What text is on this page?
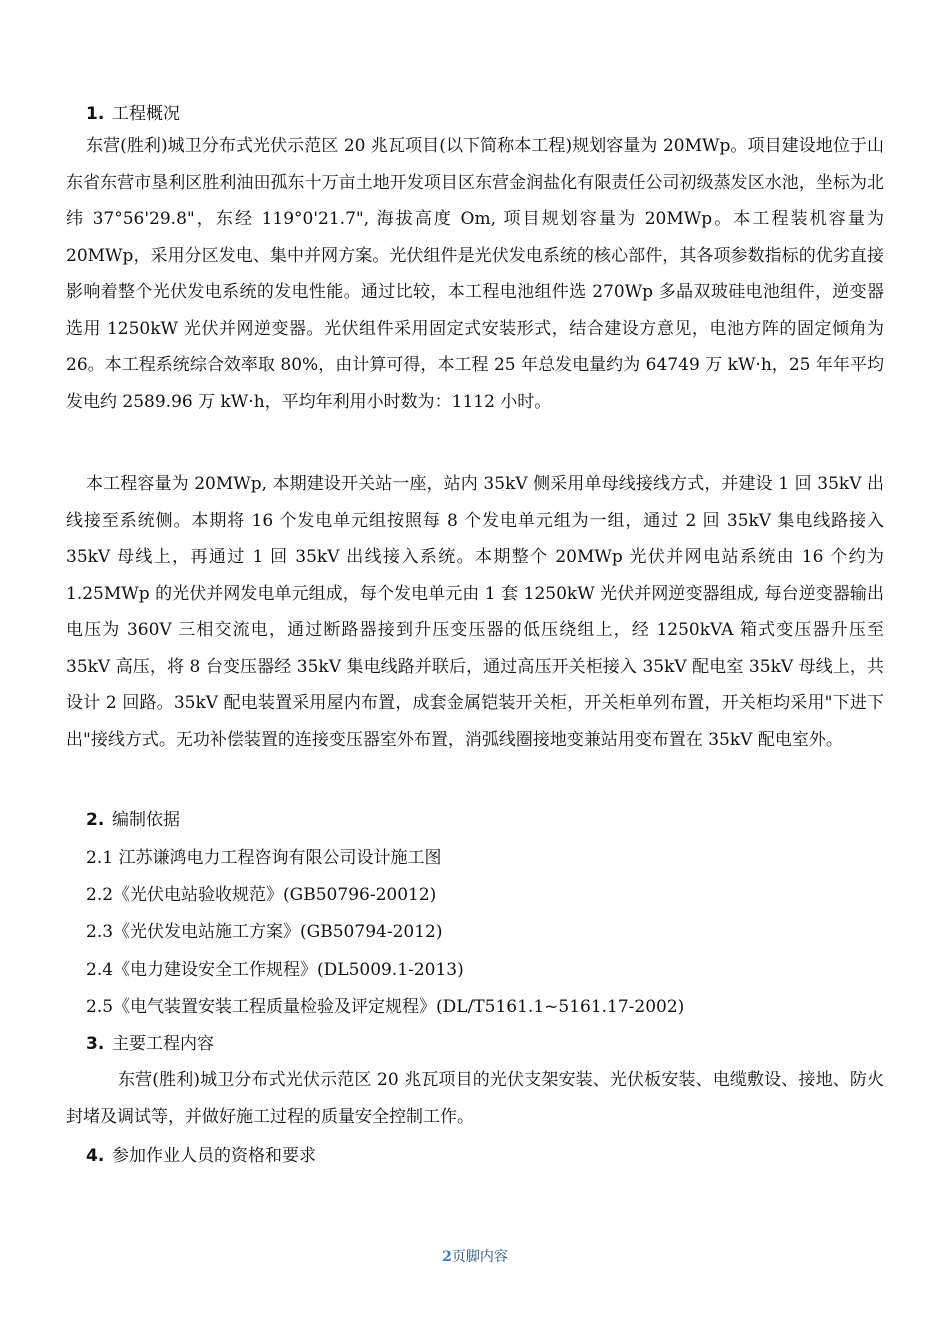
1. 工程概况
东营(胜利)城卫分布式光伏示范区 20 兆瓦项目(以下简称本工程)规划容量为 20MWp。项目建设地位于山东省东营市垦利区胜利油田孤东十万亩土地开发项目区东营金润盐化有限责任公司初级蒸发区水池，坐标为北纬 37°56'29.8"，东经 119°0'21.7", 海拔高度 Om, 项目规划容量为 20MWp。本工程装机容量为 20MWp，采用分区发电、集中并网方案。光伏组件是光伏发电系统的核心部件，其各项参数指标的优劣直接影响着整个光伏发电系统的发电性能。通过比较，本工程电池组件选 270Wp 多晶双玻硅电池组件，逆变器选用 1250kW 光伏并网逆变器。光伏组件采用固定式安装形式，结合建设方意见，电池方阵的固定倾角为 26。本工程系统综合效率取 80%，由计算可得，本工程 25 年总发电量约为 64749 万 kW·h，25 年年平均发电约 2589.96 万 kW·h，平均年利用小时数为：1112 小时。
本工程容量为 20MWp, 本期建设开关站一座，站内 35kV 侧采用单母线接线方式，并建设 1 回 35kV 出线接至系统侧。本期将 16 个发电单元组按照每 8 个发电单元组为一组，通过 2 回 35kV 集电线路接入 35kV 母线上，再通过 1 回 35kV 出线接入系统。本期整个 20MWp 光伏并网电站系统由 16 个约为 1.25MWp 的光伏并网发电单元组成，每个发电单元由 1 套 1250kW 光伏并网逆变器组成, 每台逆变器输出电压为 360V 三相交流电，通过断路器接到升压变压器的低压绕组上，经 1250kVA 箱式变压器升压至 35kV 高压，将 8 台变压器经 35kV 集电线路并联后，通过高压开关柜接入 35kV 配电室 35kV 母线上，共设计 2 回路。35kV 配电装置采用屋内布置，成套金属铠装开关柜，开关柜单列布置，开关柜均采用"下进下出"接线方式。无功补偿装置的连接变压器室外布置，消弧线圈接地变兼站用变布置在 35kV 配电室外。
2. 编制依据
2.1 江苏谦鸿电力工程咨询有限公司设计施工图
2.2《光伏电站验收规范》(GB50796-20012)
2.3《光伏发电站施工方案》(GB50794-2012)
2.4《电力建设安全工作规程》(DL5009.1-2013)
2.5《电气装置安装工程质量检验及评定规程》(DL/T5161.1~5161.17-2002)
3. 主要工程内容
东营(胜利)城卫分布式光伏示范区 20 兆瓦项目的光伏支架安装、光伏板安装、电缆敷设、接地、防火封堵及调试等，并做好施工过程的质量安全控制工作。
4. 参加作业人员的资格和要求
2页脚内容
